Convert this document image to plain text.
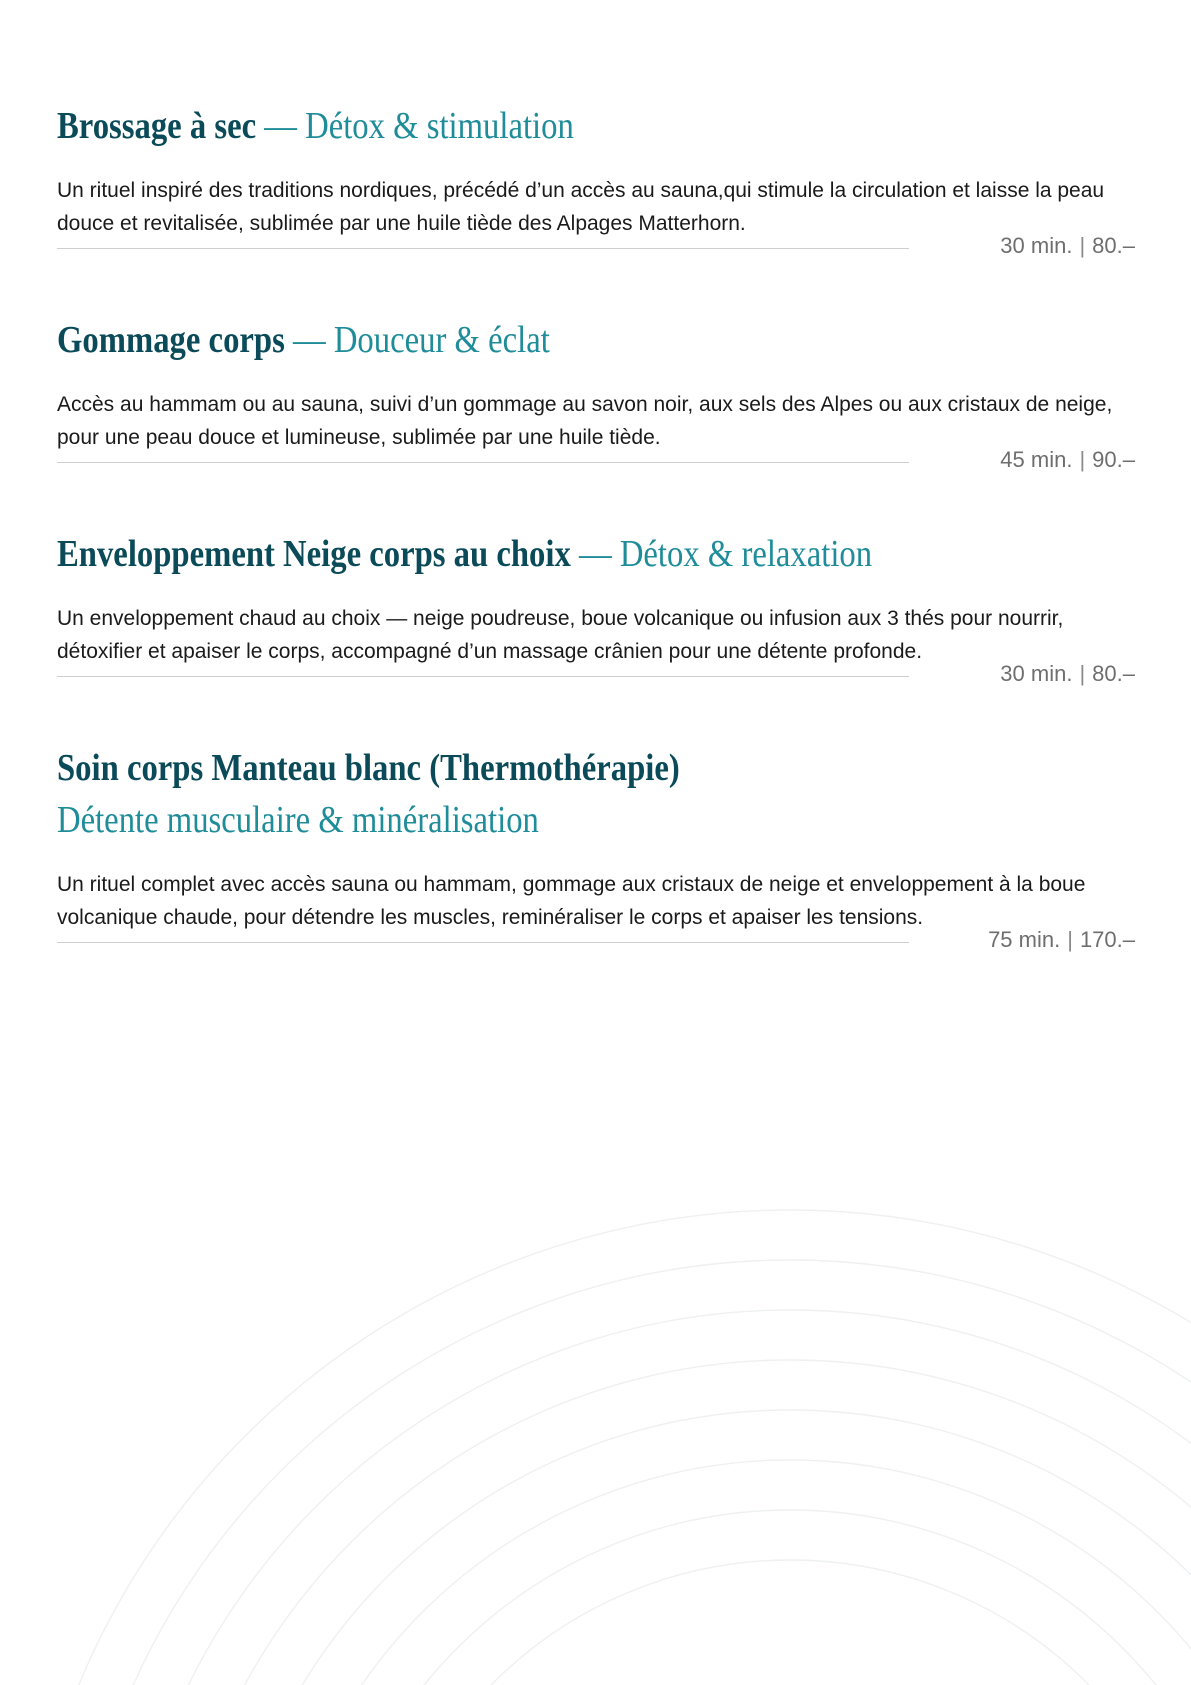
Brossage à sec — Détox & stimulation

Un rituel inspiré des traditions nordiques, précédé d’un accès au sauna,qui stimule la circulation et laisse la peau douce et revitalisée, sublimée par une huile tiède des Alpages Matterhorn.

30 min. | 80.–
Gommage corps — Douceur & éclat

Accès au hammam ou au sauna, suivi d’un gommage au savon noir, aux sels des Alpes ou aux cristaux de neige, pour une peau douce et lumineuse, sublimée par une huile tiède.

45 min. | 90.–
Enveloppement Neige corps au choix — Détox & relaxation

Un enveloppement chaud au choix — neige poudreuse, boue volcanique ou infusion aux 3 thés pour nourrir, détoxifier et apaiser le corps, accompagné d’un massage crânien pour une détente profonde.

30 min. | 80.–
Soin corps Manteau blanc (Thermothérapie)

Détente musculaire & minéralisation

Un rituel complet avec accès sauna ou hammam, gommage aux cristaux de neige et enveloppement à la boue volcanique chaude, pour détendre les muscles, reminéraliser le corps et apaiser les tensions.

75 min. | 170.–
